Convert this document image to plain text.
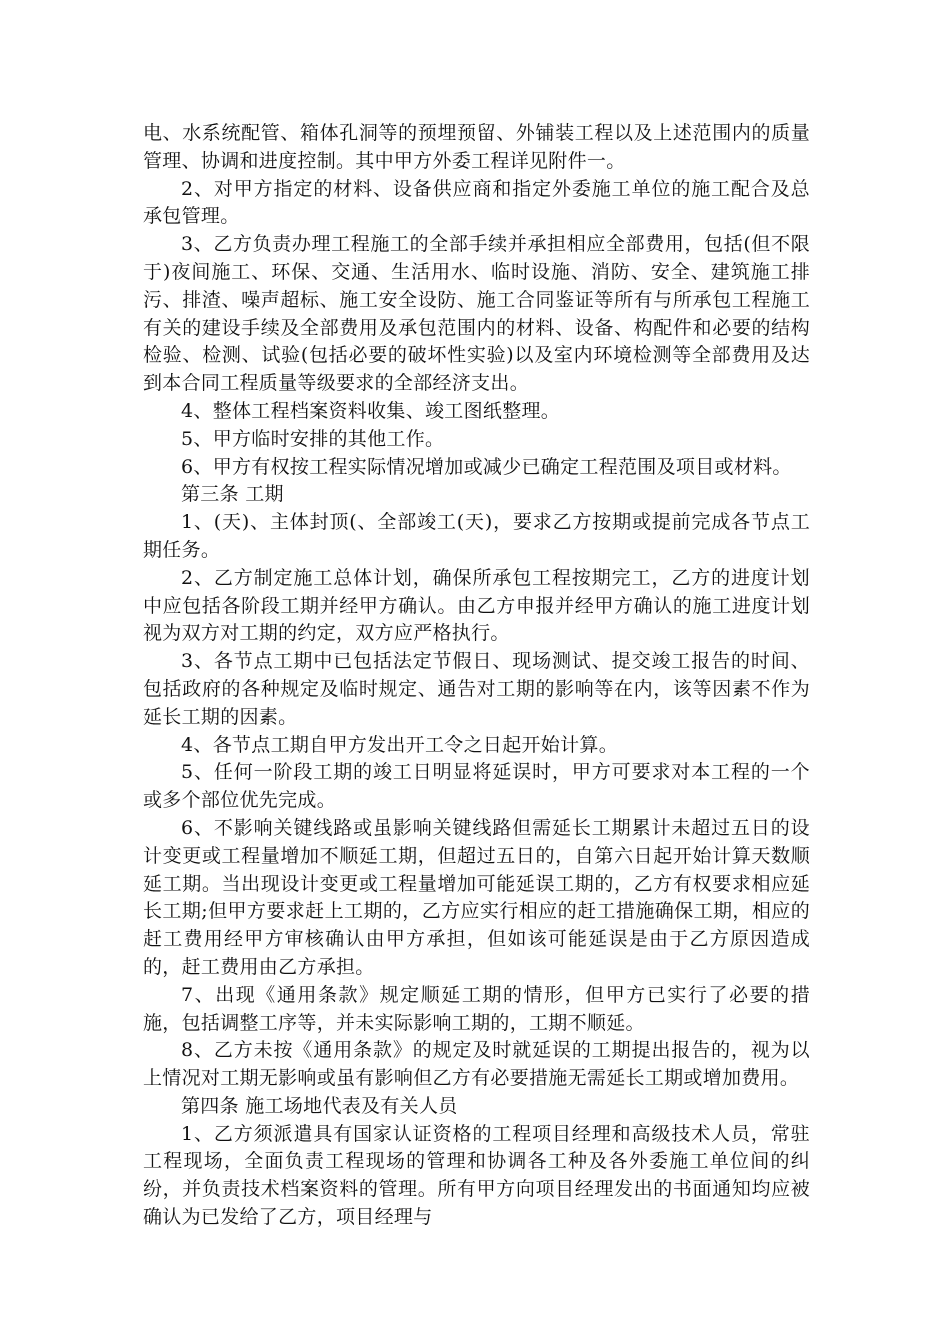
电、水系统配管、箱体孔洞等的预埋预留、外铺装工程以及上述范围内的质量管理、协调和进度控制。其中甲方外委工程详见附件一。

2、对甲方指定的材料、设备供应商和指定外委施工单位的施工配合及总承包管理。

3、乙方负责办理工程施工的全部手续并承担相应全部费用，包括(但不限于)夜间施工、环保、交通、生活用水、临时设施、消防、安全、建筑施工排污、排渣、噪声超标、施工安全设防、施工合同鉴证等所有与所承包工程施工有关的建设手续及全部费用及承包范围内的材料、设备、构配件和必要的结构检验、检测、试验(包括必要的破坏性实验)以及室内环境检测等全部费用及达到本合同工程质量等级要求的全部经济支出。

4、整体工程档案资料收集、竣工图纸整理。

5、甲方临时安排的其他工作。

6、甲方有权按工程实际情况增加或减少已确定工程范围及项目或材料。

第三条 工期

1、(天)、主体封顶(、全部竣工(天)，要求乙方按期或提前完成各节点工期任务。

2、乙方制定施工总体计划，确保所承包工程按期完工，乙方的进度计划中应包括各阶段工期并经甲方确认。由乙方申报并经甲方确认的施工进度计划视为双方对工期的约定，双方应严格执行。

3、各节点工期中已包括法定节假日、现场测试、提交竣工报告的时间、包括政府的各种规定及临时规定、通告对工期的影响等在内，该等因素不作为延长工期的因素。

4、各节点工期自甲方发出开工令之日起开始计算。

5、任何一阶段工期的竣工日明显将延误时，甲方可要求对本工程的一个或多个部位优先完成。

6、不影响关键线路或虽影响关键线路但需延长工期累计未超过五日的设计变更或工程量增加不顺延工期，但超过五日的，自第六日起开始计算天数顺延工期。当出现设计变更或工程量增加可能延误工期的，乙方有权要求相应延长工期;但甲方要求赶上工期的，乙方应实行相应的赶工措施确保工期，相应的赶工费用经甲方审核确认由甲方承担，但如该可能延误是由于乙方原因造成的，赶工费用由乙方承担。

7、出现《通用条款》规定顺延工期的情形，但甲方已实行了必要的措施，包括调整工序等，并未实际影响工期的，工期不顺延。

8、乙方未按《通用条款》的规定及时就延误的工期提出报告的，视为以上情况对工期无影响或虽有影响但乙方有必要措施无需延长工期或增加费用。

第四条 施工场地代表及有关人员

1、乙方须派遣具有国家认证资格的工程项目经理和高级技术人员，常驻工程现场，全面负责工程现场的管理和协调各工种及各外委施工单位间的纠纷，并负责技术档案资料的管理。所有甲方向项目经理发出的书面通知均应被确认为已发给了乙方，项目经理与
